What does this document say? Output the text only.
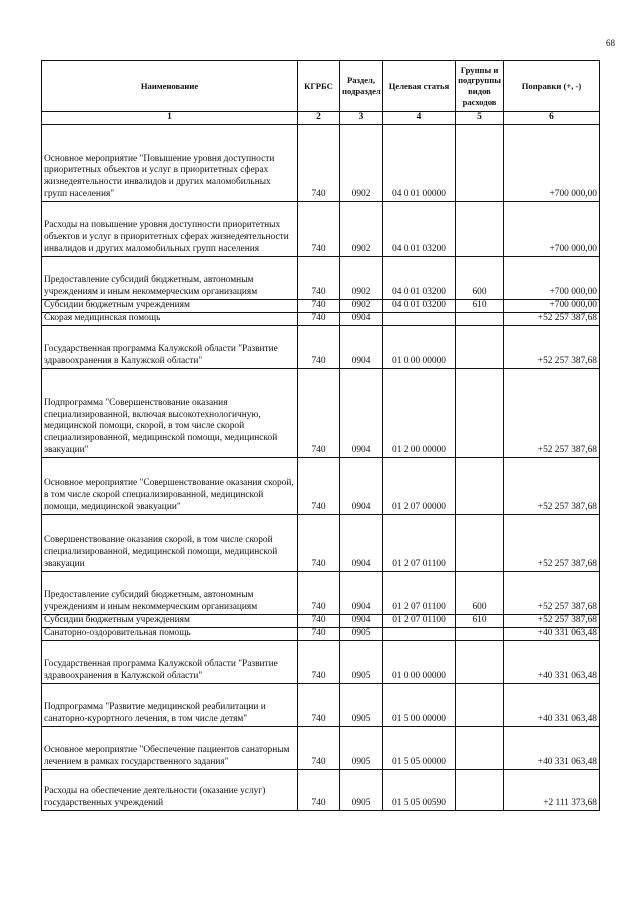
68
Наименование	КГРБС	Раздел, подраздел	Целевая статья	Группы и подгруппы видов расходов	Поправки (+, -)
1	2	3	4	5	6
Основное мероприятие "Повышение уровня доступности приоритетных объектов и услуг в приоритетных сферах жизнедеятельности инвалидов и других маломобильных групп населения"	740	0902	04 0 01 00000		+700 000,00
Расходы на повышение уровня доступности приоритетных объектов и услуг в приоритетных сферах жизнедеятельности инвалидов и других маломобильных групп населения	740	0902	04 0 01 03200		+700 000,00
Предоставление субсидий бюджетным, автономным учреждениям и иным некоммерческим организациям	740	0902	04 0 01 03200	600	+700 000,00
Субсидии бюджетным учреждениям	740	0902	04 0 01 03200	610	+700 000,00
Скорая медицинская помощь	740	0904			+52 257 387,68
Государственная программа Калужской области "Развитие здравоохранения в Калужской области"	740	0904	01 0 00 00000		+52 257 387,68
Подпрограмма "Совершенствование оказания специализированной, включая высокотехнологичную, медицинской помощи, скорой, в том числе скорой специализированной, медицинской помощи, медицинской эвакуации"	740	0904	01 2 00 00000		+52 257 387,68
Основное мероприятие "Совершенствование оказания скорой, в том числе скорой специализированной, медицинской помощи, медицинской эвакуации"	740	0904	01 2 07 00000		+52 257 387,68
Совершенствование оказания скорой, в том числе скорой специализированной, медицинской помощи, медицинской эвакуации	740	0904	01 2 07 01100		+52 257 387,68
Предоставление субсидий бюджетным, автономным учреждениям и иным некоммерческим организациям	740	0904	01 2 07 01100	600	+52 257 387,68
Субсидии бюджетным учреждениям	740	0904	01 2 07 01100	610	+52 257 387,68
Санаторно-оздоровительная помощь	740	0905			+40 331 063,48
Государственная программа Калужской области "Развитие здравоохранения в Калужской области"	740	0905	01 0 00 00000		+40 331 063,48
Подпрограмма "Развитие медицинской реабилитации и санаторно-курортного лечения, в том числе детям"	740	0905	01 5 00 00000		+40 331 063,48
Основное мероприятие "Обеспечение пациентов санаторным лечением в рамках государственного задания"	740	0905	01 5 05 00000		+40 331 063,48
Расходы на обеспечение деятельности (оказание услуг) государственных учреждений	740	0905	01 5 05 00590		+2 111 373,68
